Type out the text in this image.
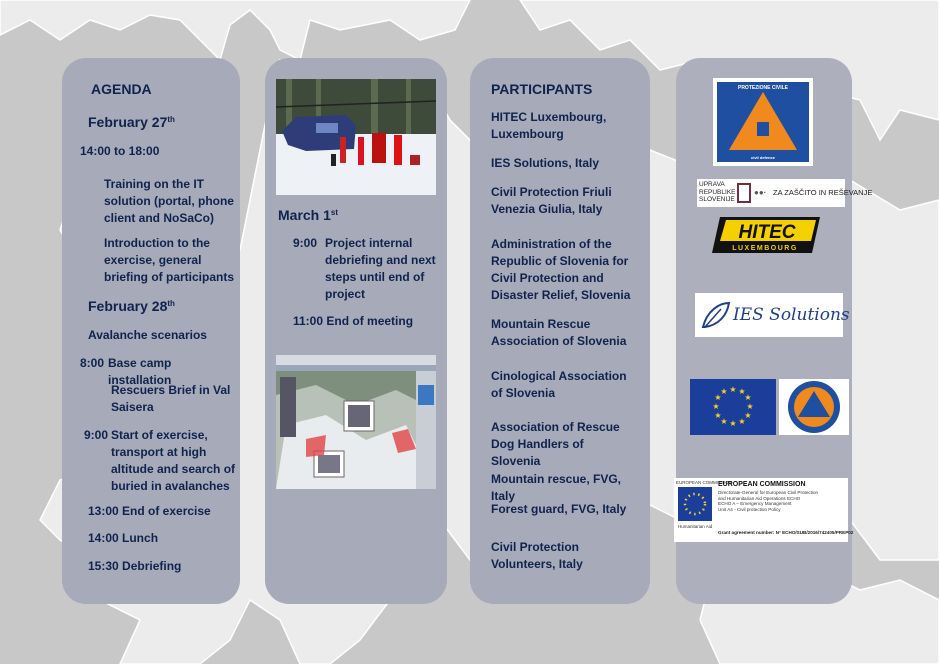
AGENDA
February 27th
14:00 to 18:00
Training on the IT solution (portal, phone client and NoSaCo)
Introduction to the exercise, general briefing of participants
February 28th
Avalanche scenarios
8:00 Base camp installation
Rescuers Brief in Val Saisera
9:00 Start of exercise, transport at high altitude and search of buried in avalanches
13:00 End of exercise
14:00 Lunch
15:30 Debriefing
March 1st
9:00 Project internal debriefing and next steps until end of project
11:00 End of meeting
PARTICIPANTS
HITEC Luxembourg, Luxembourg
IES Solutions, Italy
Civil Protection Friuli Venezia Giulia, Italy
Administration of the Republic of Slovenia for Civil Protection and Disaster Relief, Slovenia
Mountain Rescue Association of Slovenia
Cinological Association of Slovenia
Association of Rescue Dog Handlers of Slovenia
Mountain rescue, FVG, Italy
Forest guard, FVG, Italy
Civil Protection Volunteers, Italy
PROTEZIONE CIVILE
civil defence
UPRAVA REPUBLIKE SLOVENIJE
●●· ZA ZAŠČITO IN REŠEVANJE
HITEC
LUXEMBOURG
IES Solutions
★ ★
★
★
★
★
★
★
★
★
★
★
EUROPEAN COMMISSION
Humanitarian Aid
EUROPEAN COMMISSION
Directorate-General for European Civil Protection
and Humanitarian Aid Operations ECHO
ECHO A – Emergency Management
Unit A4 - Civil protection Policy
Grant agreement number: N° ECHO/SUB/2016/742405/PREP02
